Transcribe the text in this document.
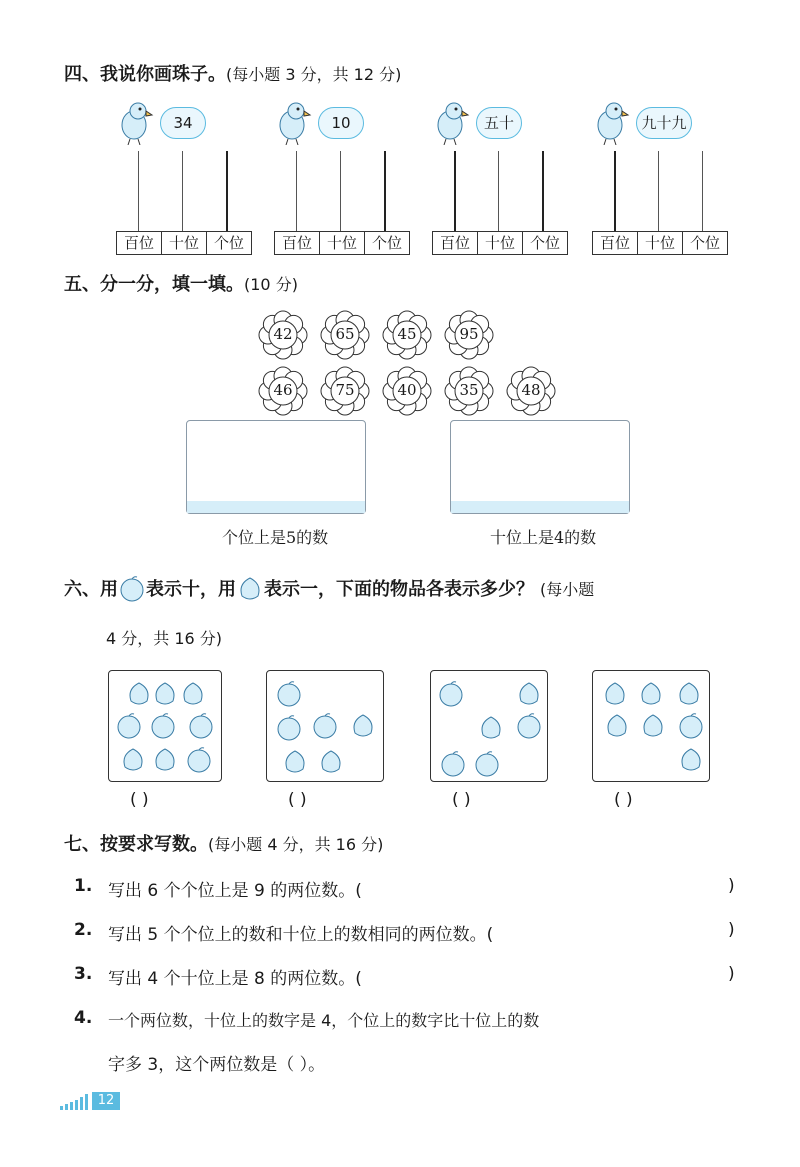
四、我说你画珠子。(每小题 3 分，共 12 分)
34
百位 十位 个位
10
百位 十位 个位
五十
百位 十位 个位
九十九
百位 十位 个位
五、分一分，填一填。(10 分)
42	65	45	95
46	75	40	35	48
个位上是5的数	十位上是4的数
六、用 表示十，用 表示一，下面的物品各表示多少？ (每小题
4 分，共 16 分)
( )	( )	( )	( )
七、按要求写数。(每小题 4 分，共 16 分)
1. 写出 6 个个位上是 9 的两位数。(	)
2. 写出 5 个个位上的数和十位上的数相同的两位数。(	)
3. 写出 4 个十位上是 8 的两位数。(	)
4. 一个两位数，十位上的数字是 4，个位上的数字比十位上的数
字多 3，这个两位数是（ ）。
12
